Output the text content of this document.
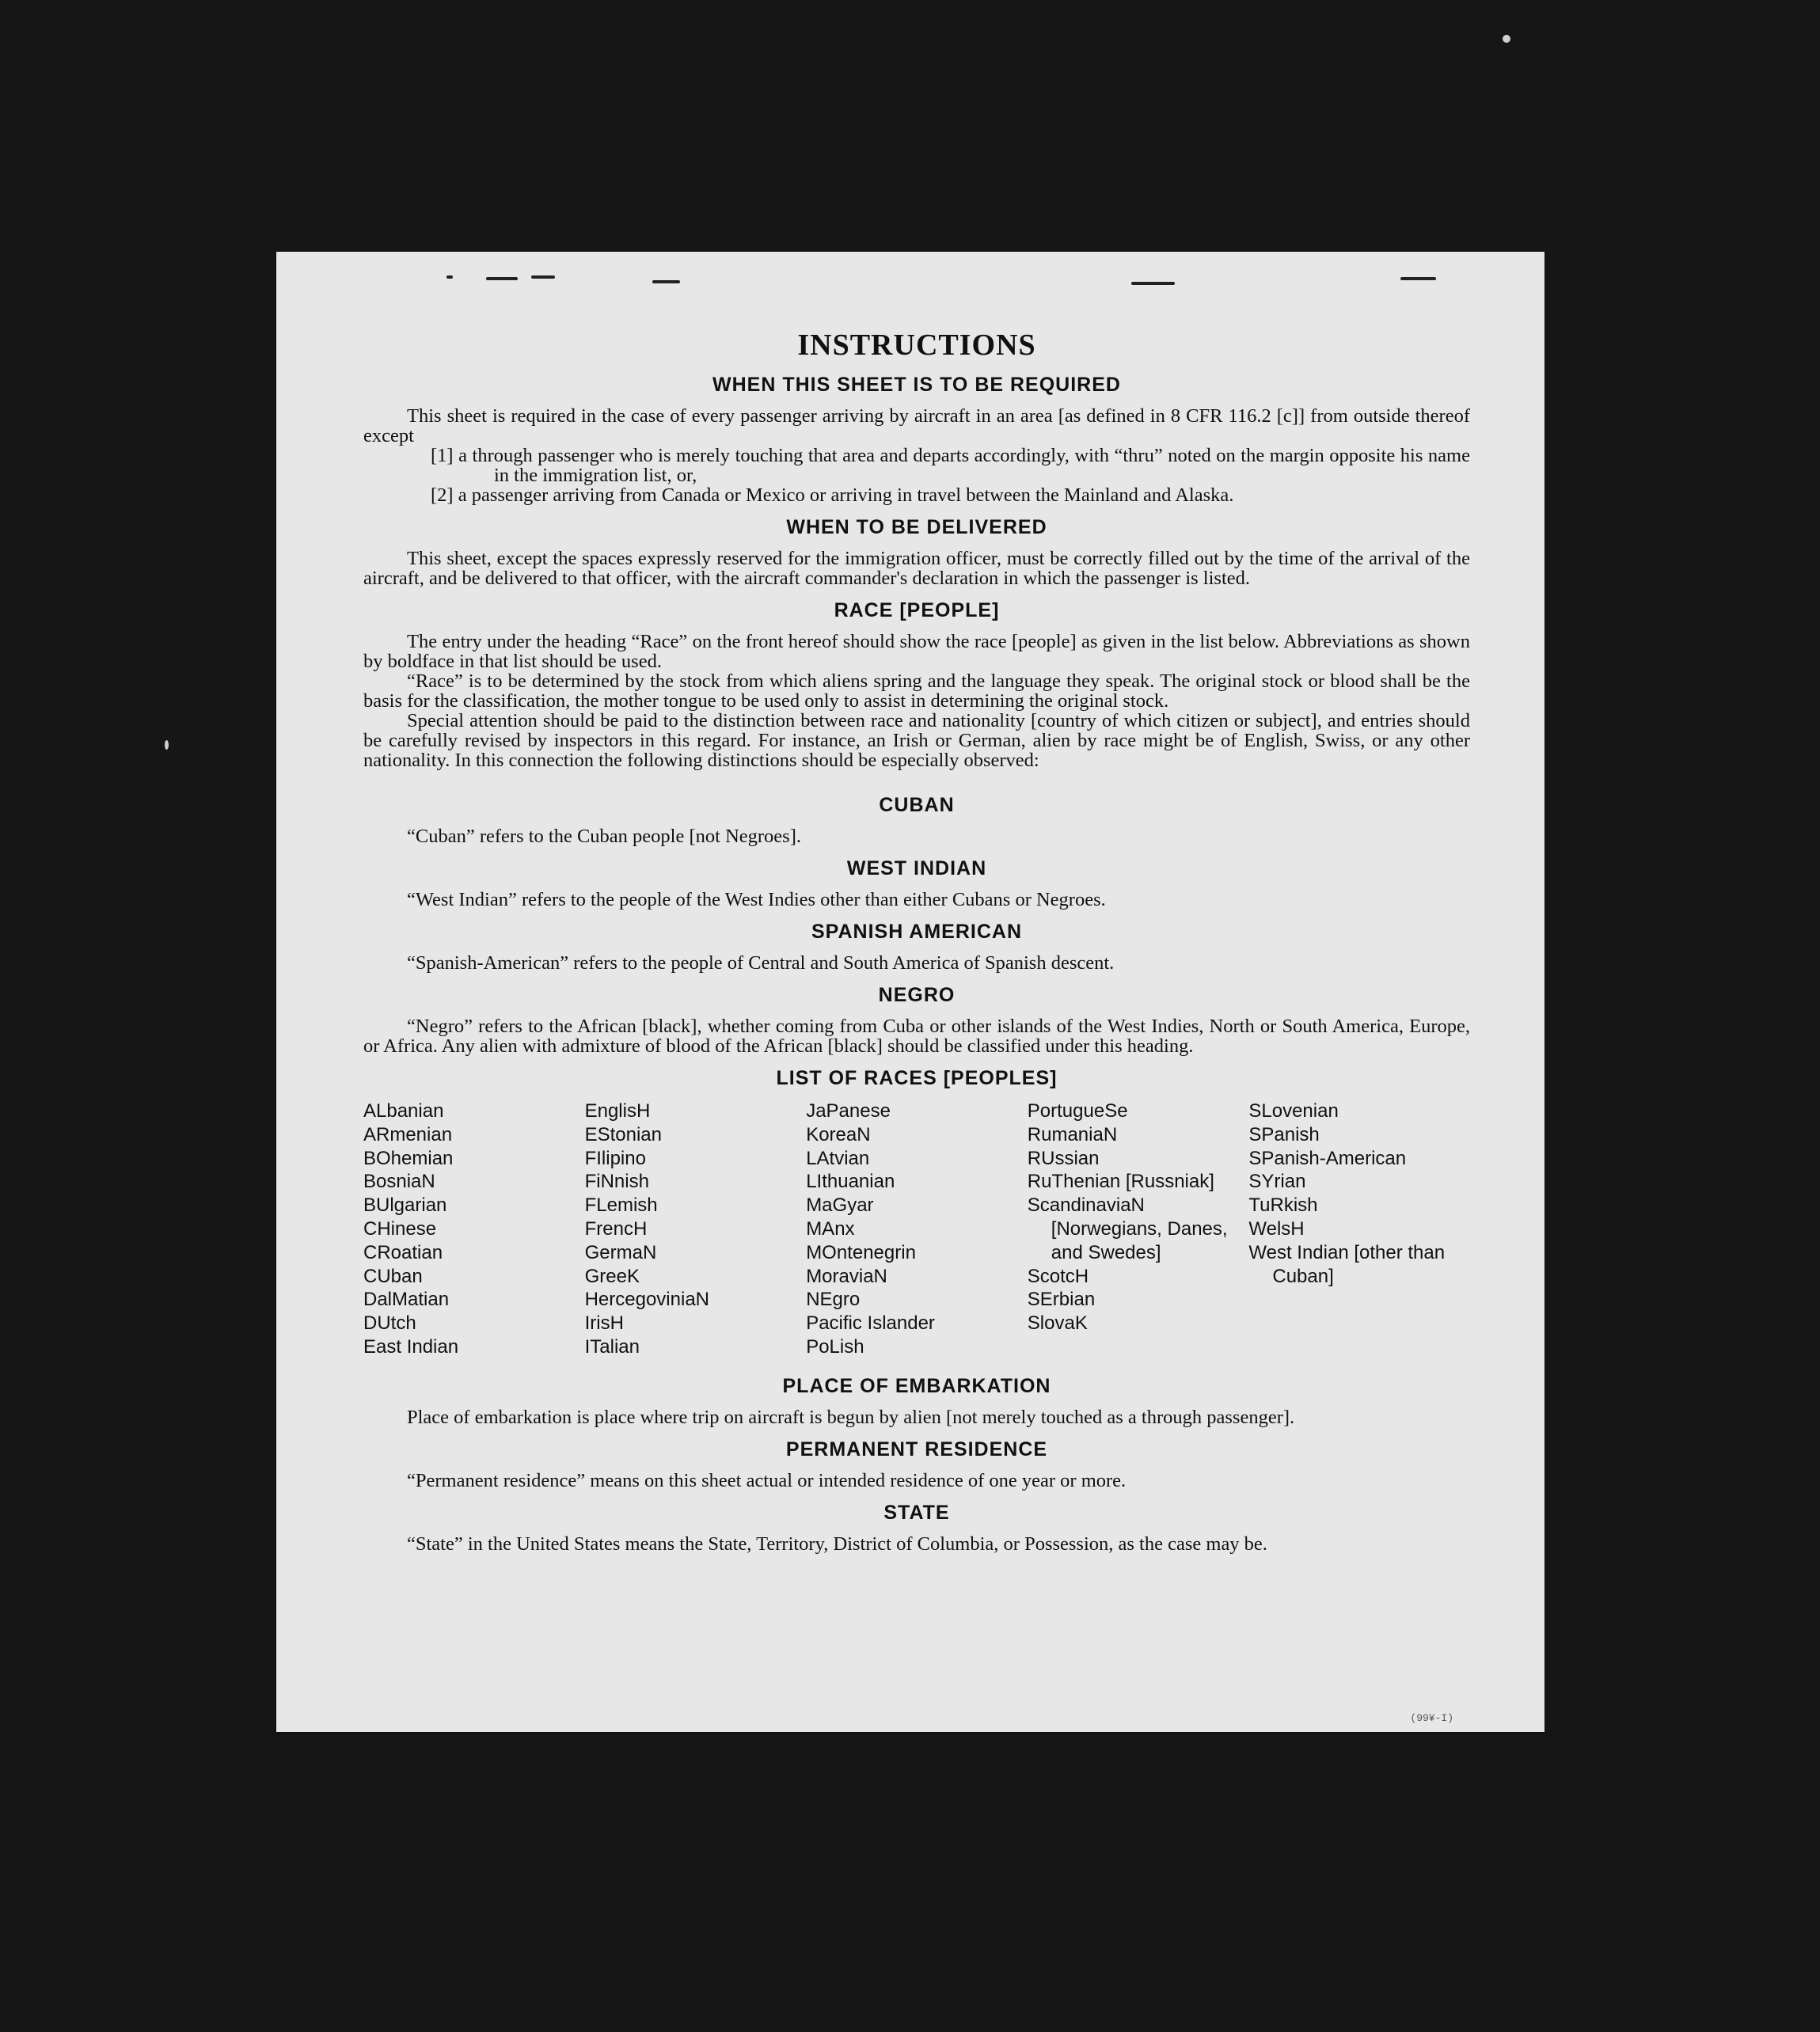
INSTRUCTIONS
WHEN THIS SHEET IS TO BE REQUIRED

This sheet is required in the case of every passenger arriving by aircraft in an area [as defined in 8 CFR 116.2 [c]] from outside thereof except

[1] a through passenger who is merely touching that area and departs accordingly, with “thru” noted on the margin opposite his name in the immigration list, or,

[2] a passenger arriving from Canada or Mexico or arriving in travel between the Mainland and Alaska.

WHEN TO BE DELIVERED

This sheet, except the spaces expressly reserved for the immigration officer, must be correctly filled out by the time of the arrival of the aircraft, and be delivered to that officer, with the aircraft commander's declaration in which the passenger is listed.

RACE [PEOPLE]

The entry under the heading “Race” on the front hereof should show the race [people] as given in the list below. Abbreviations as shown by boldface in that list should be used.

“Race” is to be determined by the stock from which aliens spring and the language they speak. The original stock or blood shall be the basis for the classification, the mother tongue to be used only to assist in determining the original stock.

Special attention should be paid to the distinction between race and nationality [country of which citizen or subject], and entries should be carefully revised by inspectors in this regard. For instance, an Irish or German, alien by race might be of English, Swiss, or any other nationality. In this connection the following distinctions should be especially observed:

CUBAN

“Cuban” refers to the Cuban people [not Negroes].

WEST INDIAN

“West Indian” refers to the people of the West Indies other than either Cubans or Negroes.

SPANISH AMERICAN

“Spanish-American” refers to the people of Central and South America of Spanish descent.

NEGRO

“Negro” refers to the African [black], whether coming from Cuba or other islands of the West Indies, North or South America, Europe, or Africa. Any alien with admixture of blood of the African [black] should be classified under this heading.

LIST OF RACES [PEOPLES]
ALbanian
ARmenian
BOhemian
BosniaN
BUlgarian
CHinese
CRoatian
CUban
DalMatian
DUtch
East Indian
EnglisH
EStonian
FIlipino
FiNnish
FLemish
FrencH
GermaN
GreeK
HercegoviniaN
IrisH
ITalian
JaPanese
KoreaN
LAtvian
LIthuanian
MaGyar
MAnx
MOntenegrin
MoraviaN
NEgro
Pacific Islander
PoLish
PortugueSe
RumaniaN
RUssian
RuThenian [Russniak]
ScandinaviaN [Norwegians, Danes, and Swedes]
ScotcH
SErbian
SlovaK
SLovenian
SPanish
SPanish-American
SYrian
TuRkish
WelsH
West Indian [other than Cuban]
PLACE OF EMBARKATION

Place of embarkation is place where trip on aircraft is begun by alien [not merely touched as a through passenger].

PERMANENT RESIDENCE

“Permanent residence” means on this sheet actual or intended residence of one year or more.

STATE

“State” in the United States means the State, Territory, District of Columbia, or Possession, as the case may be.

(99¥-I)
